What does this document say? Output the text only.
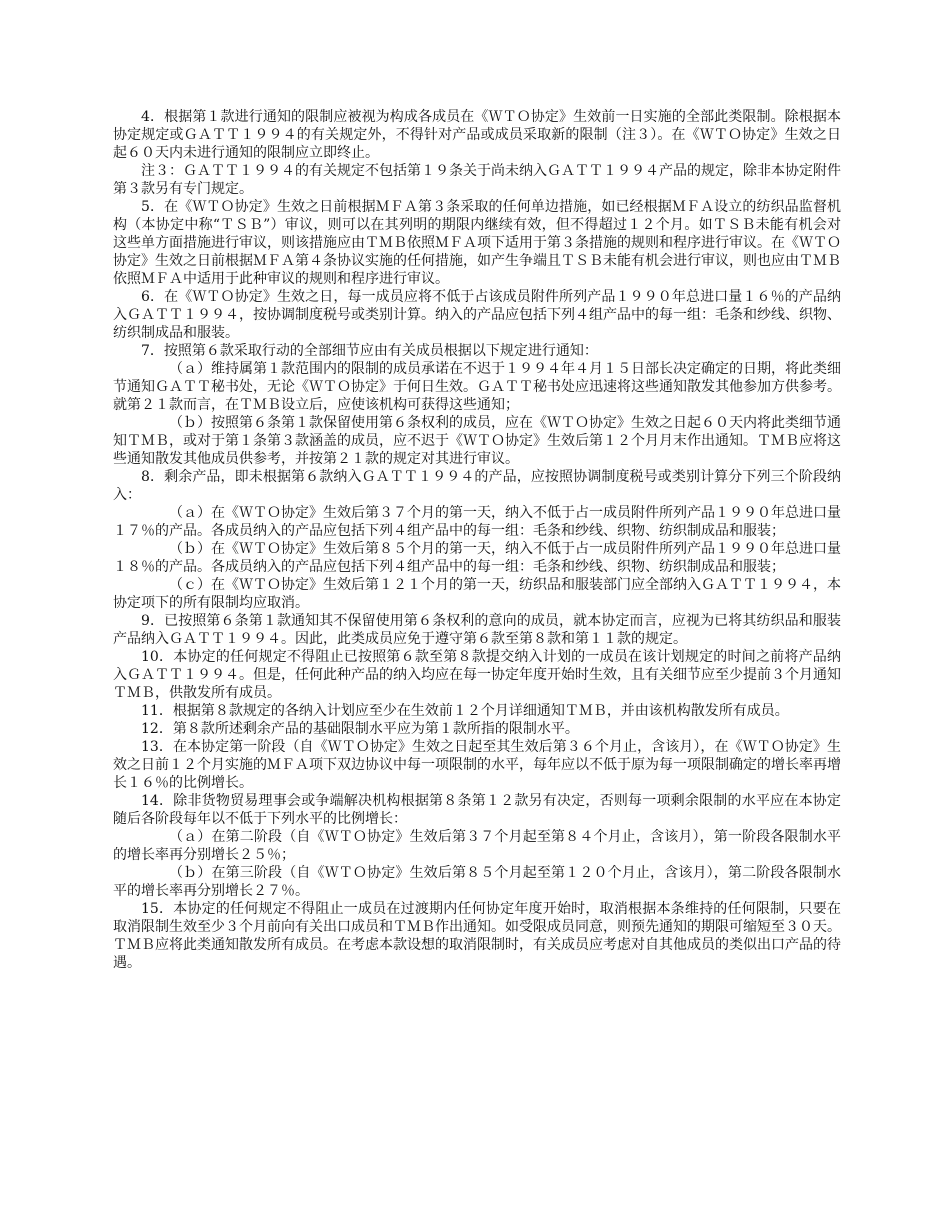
4．根据第１款进行通知的限制应被视为构成各成员在《ＷＴＯ协定》生效前一日实施的全部此类限制。除根据本协定规定或ＧＡＴＴ１９９４的有关规定外，不得针对产品或成员采取新的限制（注３）。在《ＷＴＯ协定》生效之日起６０天内未进行通知的限制应立即终止。

注３：ＧＡＴＴ１９９４的有关规定不包括第１９条关于尚未纳入ＧＡＴＴ１９９４产品的规定，除非本协定附件第３款另有专门规定。

5．在《ＷＴＯ协定》生效之日前根据ＭＦＡ第３条采取的任何单边措施，如已经根据ＭＦＡ设立的纺织品监督机构（本协定中称“ＴＳＢ”）审议，则可以在其列明的期限内继续有效，但不得超过１２个月。如ＴＳＢ未能有机会对这些单方面措施进行审议，则该措施应由ＴＭＢ依照ＭＦＡ项下适用于第３条措施的规则和程序进行审议。在《ＷＴＯ协定》生效之日前根据ＭＦＡ第４条协议实施的任何措施，如产生争端且ＴＳＢ未能有机会进行审议，则也应由ＴＭＢ依照ＭＦＡ中适用于此种审议的规则和程序进行审议。

6．在《ＷＴＯ协定》生效之日，每一成员应将不低于占该成员附件所列产品１９９０年总进口量１６％的产品纳入ＧＡＴＴ１９９４，按协调制度税号或类别计算。纳入的产品应包括下列４组产品中的每一组：毛条和纱线、织物、纺织制成品和服装。

7．按照第６款采取行动的全部细节应由有关成员根据以下规定进行通知：

（ａ）维持属第１款范围内的限制的成员承诺在不迟于１９９４年４月１５日部长决定确定的日期，将此类细节通知ＧＡＴＴ秘书处，无论《ＷＴＯ协定》于何日生效。ＧＡＴＴ秘书处应迅速将这些通知散发其他参加方供参考。就第２１款而言，在ＴＭＢ设立后，应使该机构可获得这些通知；

（ｂ）按照第６条第１款保留使用第６条权利的成员，应在《ＷＴＯ协定》生效之日起６０天内将此类细节通知ＴＭＢ，或对于第１条第３款涵盖的成员，应不迟于《ＷＴＯ协定》生效后第１２个月月末作出通知。ＴＭＢ应将这些通知散发其他成员供参考，并按第２１款的规定对其进行审议。

8．剩余产品，即未根据第６款纳入ＧＡＴＴ１９９４的产品，应按照协调制度税号或类别计算分下列三个阶段纳入：

（ａ）在《ＷＴＯ协定》生效后第３７个月的第一天，纳入不低于占一成员附件所列产品１９９０年总进口量１７％的产品。各成员纳入的产品应包括下列４组产品中的每一组：毛条和纱线、织物、纺织制成品和服装；

（ｂ）在《ＷＴＯ协定》生效后第８５个月的第一天，纳入不低于占一成员附件所列产品１９９０年总进口量１８％的产品。各成员纳入的产品应包括下列４组产品中的每一组：毛条和纱线、织物、纺织制成品和服装；

（ｃ）在《ＷＴＯ协定》生效后第１２１个月的第一天，纺织品和服装部门应全部纳入ＧＡＴＴ１９９４，本协定项下的所有限制均应取消。

9．已按照第６条第１款通知其不保留使用第６条权利的意向的成员，就本协定而言，应视为已将其纺织品和服装产品纳入ＧＡＴＴ１９９４。因此，此类成员应免于遵守第６款至第８款和第１１款的规定。

10．本协定的任何规定不得阻止已按照第６款至第８款提交纳入计划的一成员在该计划规定的时间之前将产品纳入ＧＡＴＴ１９９４。但是，任何此种产品的纳入均应在每一协定年度开始时生效，且有关细节应至少提前３个月通知ＴＭＢ，供散发所有成员。

11．根据第８款规定的各纳入计划应至少在生效前１２个月详细通知ＴＭＢ，并由该机构散发所有成员。

12．第８款所述剩余产品的基础限制水平应为第１款所指的限制水平。

13．在本协定第一阶段（自《ＷＴＯ协定》生效之日起至其生效后第３６个月止，含该月），在《ＷＴＯ协定》生效之日前１２个月实施的ＭＦＡ项下双边协议中每一项限制的水平，每年应以不低于原为每一项限制确定的增长率再增长１６％的比例增长。

14．除非货物贸易理事会或争端解决机构根据第８条第１２款另有决定，否则每一项剩余限制的水平应在本协定随后各阶段每年以不低于下列水平的比例增长：

（ａ）在第二阶段（自《ＷＴＯ协定》生效后第３７个月起至第８４个月止，含该月），第一阶段各限制水平的增长率再分别增长２５％；

（ｂ）在第三阶段（自《ＷＴＯ协定》生效后第８５个月起至第１２０个月止，含该月），第二阶段各限制水平的增长率再分别增长２７％。

15．本协定的任何规定不得阻止一成员在过渡期内任何协定年度开始时，取消根据本条维持的任何限制，只要在取消限制生效至少３个月前向有关出口成员和ＴＭＢ作出通知。如受限成员同意，则预先通知的期限可缩短至３０天。ＴＭＢ应将此类通知散发所有成员。在考虑本款设想的取消限制时，有关成员应考虑对自其他成员的类似出口产品的待遇。
